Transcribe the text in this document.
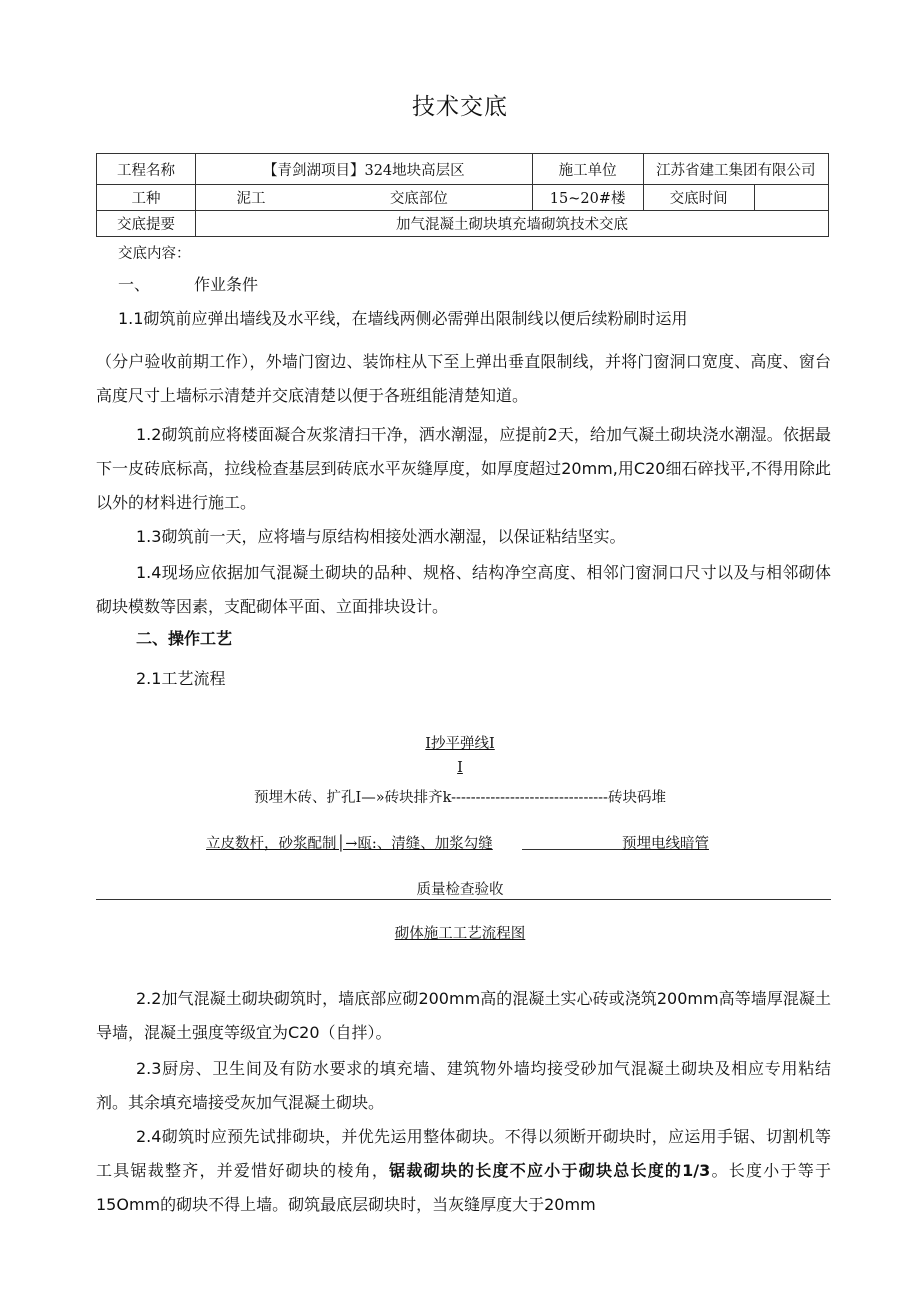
技术交底
工程名称	【青剑湖项目】324地块高层区		施工单位	江苏省建工集团有限公司	
工种	泥工	交底部位	15~20#楼	交底时间	
交底提要	加气混凝土砌块填充墙砌筑技术交底				
交底内容：
一、	作业条件
1.1砌筑前应弹出墙线及水平线，在墙线两侧必需弹出限制线以便后续粉刷时运用
（分户验收前期工作），外墙门窗边、装饰柱从下至上弹出垂直限制线，并将门窗洞口宽度、高度、窗台高度尺寸上墙标示清楚并交底清楚以便于各班组能清楚知道。
1.2砌筑前应将楼面凝合灰浆清扫干净，洒水潮湿，应提前2天，给加气凝土砌块浇水潮湿。依据最下一皮砖底标高，拉线检查基层到砖底水平灰缝厚度，如厚度超过20mm,用C20细石碎找平,不得用除此以外的材料进行施工。
1.3砌筑前一天，应将墙与原结构相接处洒水潮湿，以保证粘结坚实。
1.4现场应依据加气混凝土砌块的品种、规格、结构净空高度、相邻门窗洞口尺寸以及与相邻砌体砌块模数等因素，支配砌体平面、立面排块设计。
二、操作工艺
2.1工艺流程
I抄平弹线I
I
预埋木砖、扩孔I—»砖块排齐k--------------------------------砖块码堆
立皮数杆，砂浆配制│→瓯:、清缝、加浆勾缝	预埋电线暗管
质量检查验收
砌体施工工艺流程图
2.2加气混凝土砌块砌筑时，墙底部应砌200mm高的混凝土实心砖或浇筑200mm高等墙厚混凝土导墙，混凝土强度等级宜为C20（自拌）。
2.3厨房、卫生间及有防水要求的填充墙、建筑物外墙均接受砂加气混凝土砌块及相应专用粘结剂。其余填充墙接受灰加气混凝土砌块。
2.4砌筑时应预先试排砌块，并优先运用整体砌块。不得以须断开砌块时，应运用手锯、切割机等工具锯裁整齐，并爱惜好砌块的棱角，锯裁砌块的长度不应小于砌块总长度的1/3。长度小于等于15Omm的砌块不得上墙。砌筑最底层砌块时，当灰缝厚度大于20mm
